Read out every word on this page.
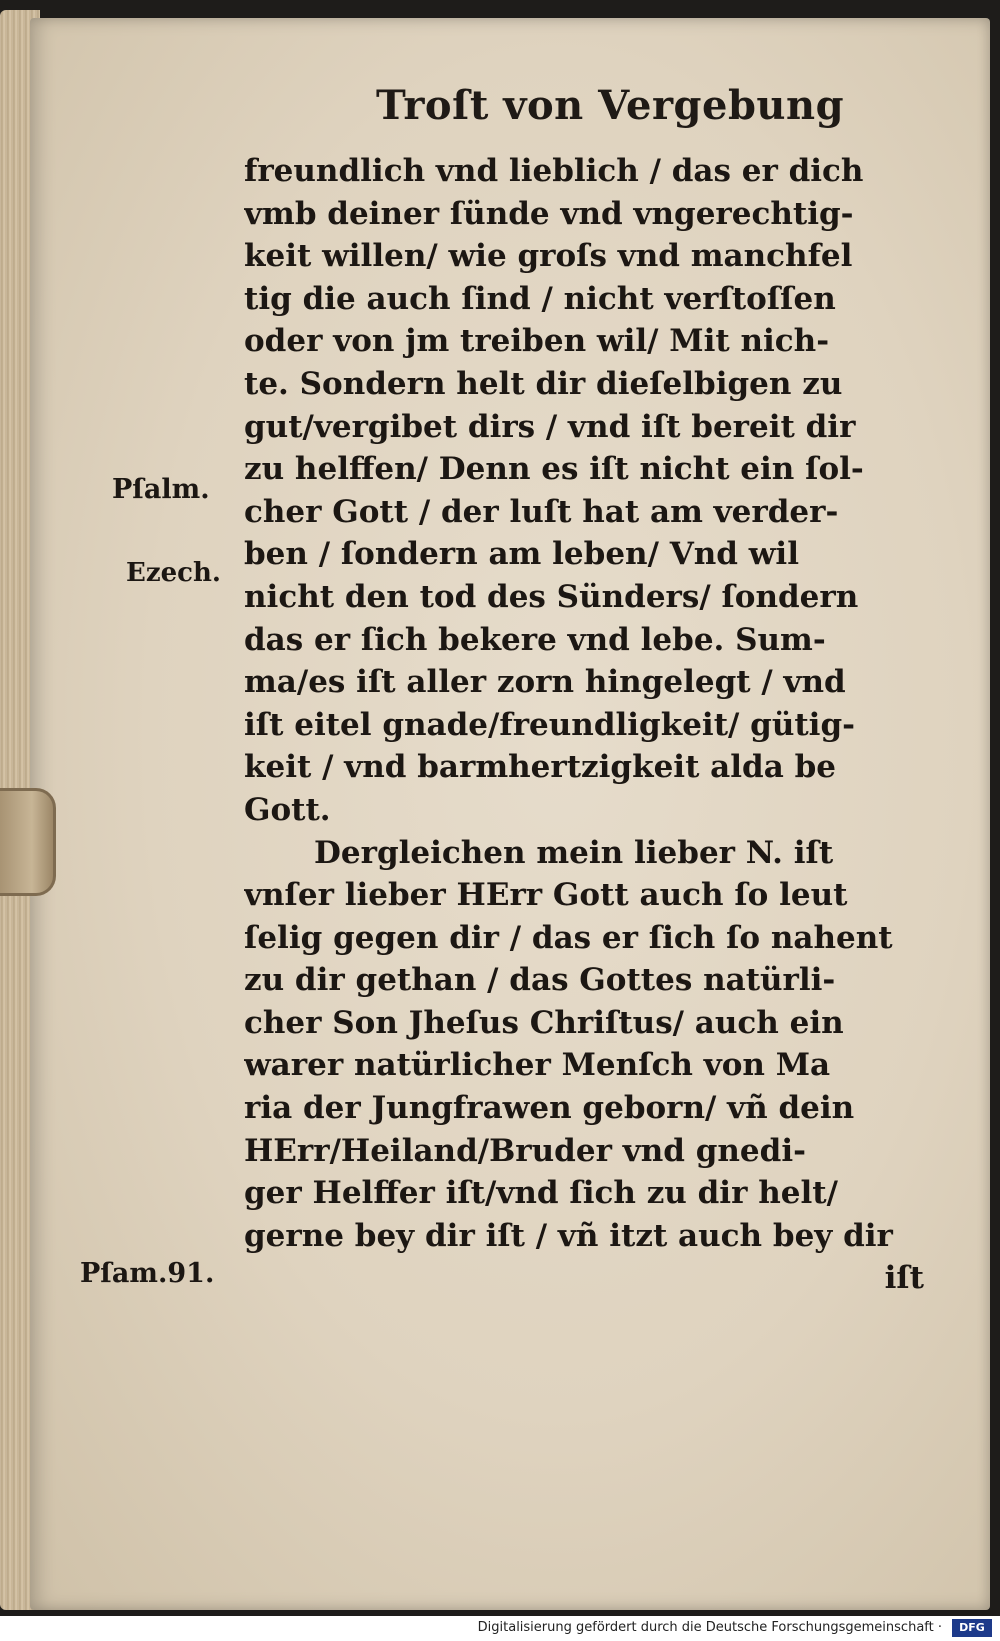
Troſt von Vergebung
Pſalm.
Ezech.
Pſam.91.
freundlich vnd lieblich / das er dich
vmb deiner ſünde vnd vngerechtig-
keit willen/ wie groſs vnd manchfel
tig die auch ſind / nicht verſtoſſen
oder von jm treiben wil/ Mit nich-
te. Sondern helt dir dieſelbigen zu
gut/vergibet dirs / vnd iſt bereit dir
zu helffen/ Denn es iſt nicht ein ſol-
cher Gott / der luſt hat am verder-
ben / ſondern am leben/ Vnd wil
nicht den tod des Sünders/ ſondern
das er ſich bekere vnd lebe. Sum-
ma/es iſt aller zorn hingelegt / vnd
iſt eitel gnade/freundligkeit/ gütig-
keit / vnd barmhertzigkeit alda be
Gott.
Dergleichen mein lieber N. iſt
vnſer lieber HErr Gott auch ſo leut
ſelig gegen dir / das er ſich ſo nahent
zu dir gethan / das Gottes natürli-
cher Son Jheſus Chriſtus/ auch ein
warer natürlicher Menſch von Ma
ria der Jungfrawen geborn/ vñ dein
HErr/Heiland/Bruder vnd gnedi-
ger Helffer iſt/vnd ſich zu dir helt/
gerne bey dir iſt / vñ itzt auch bey dir
iſt
Digitalisierung gefördert durch die Deutsche Forschungsgemeinschaft ·	DFG
